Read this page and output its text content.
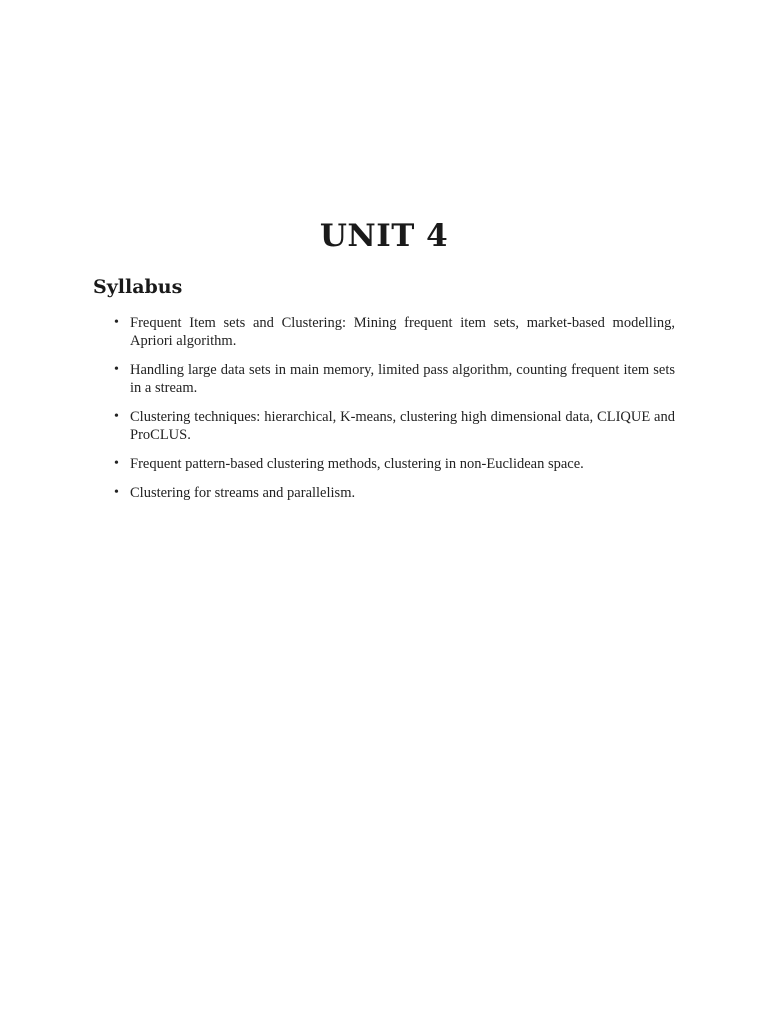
UNIT 4
Syllabus
• Frequent Item sets and Clustering: Mining frequent item sets, market-based modelling, Apriori algorithm.
• Handling large data sets in main memory, limited pass algorithm, counting frequent item sets in a stream.
• Clustering techniques: hierarchical, K-means, clustering high dimensional data, CLIQUE and ProCLUS.
• Frequent pattern-based clustering methods, clustering in non-Euclidean space.
• Clustering for streams and parallelism.
